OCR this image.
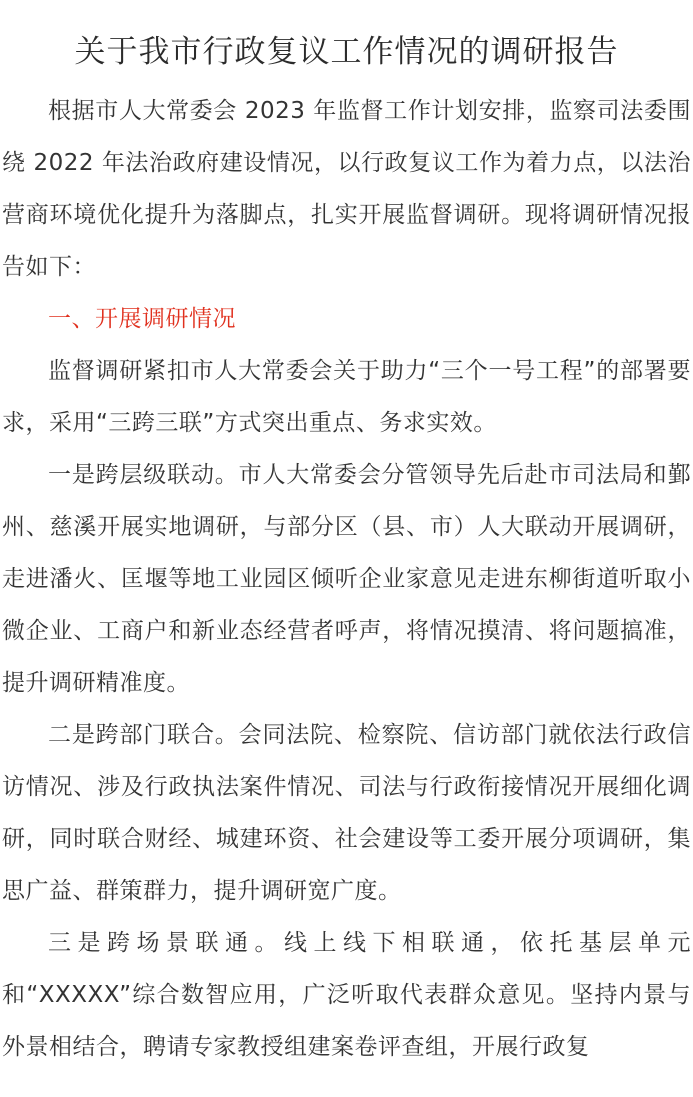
关于我市行政复议工作情况的调研报告

根据市人大常委会 2023 年监督工作计划安排，监察司法委围绕 2022 年法治政府建设情况，以行政复议工作为着力点，以法治营商环境优化提升为落脚点，扎实开展监督调研。现将调研情况报告如下：

一、开展调研情况

监督调研紧扣市人大常委会关于助力“三个一号工程”的部署要求，采用“三跨三联”方式突出重点、务求实效。

一是跨层级联动。市人大常委会分管领导先后赴市司法局和鄞州、慈溪开展实地调研，与部分区（县、市）人大联动开展调研，走进潘火、匡堰等地工业园区倾听企业家意见走进东柳街道听取小微企业、工商户和新业态经营者呼声，将情况摸清、将问题搞准，提升调研精准度。

二是跨部门联合。会同法院、检察院、信访部门就依法行政信访情况、涉及行政执法案件情况、司法与行政衔接情况开展细化调研，同时联合财经、城建环资、社会建设等工委开展分项调研，集思广益、群策群力，提升调研宽广度。

三是跨场景联通。线上线下相联通，依托基层单元和“XXXXX”综合数智应用，广泛听取代表群众意见。坚持内景与外景相结合，聘请专家教授组建案卷评查组，开展行政复
